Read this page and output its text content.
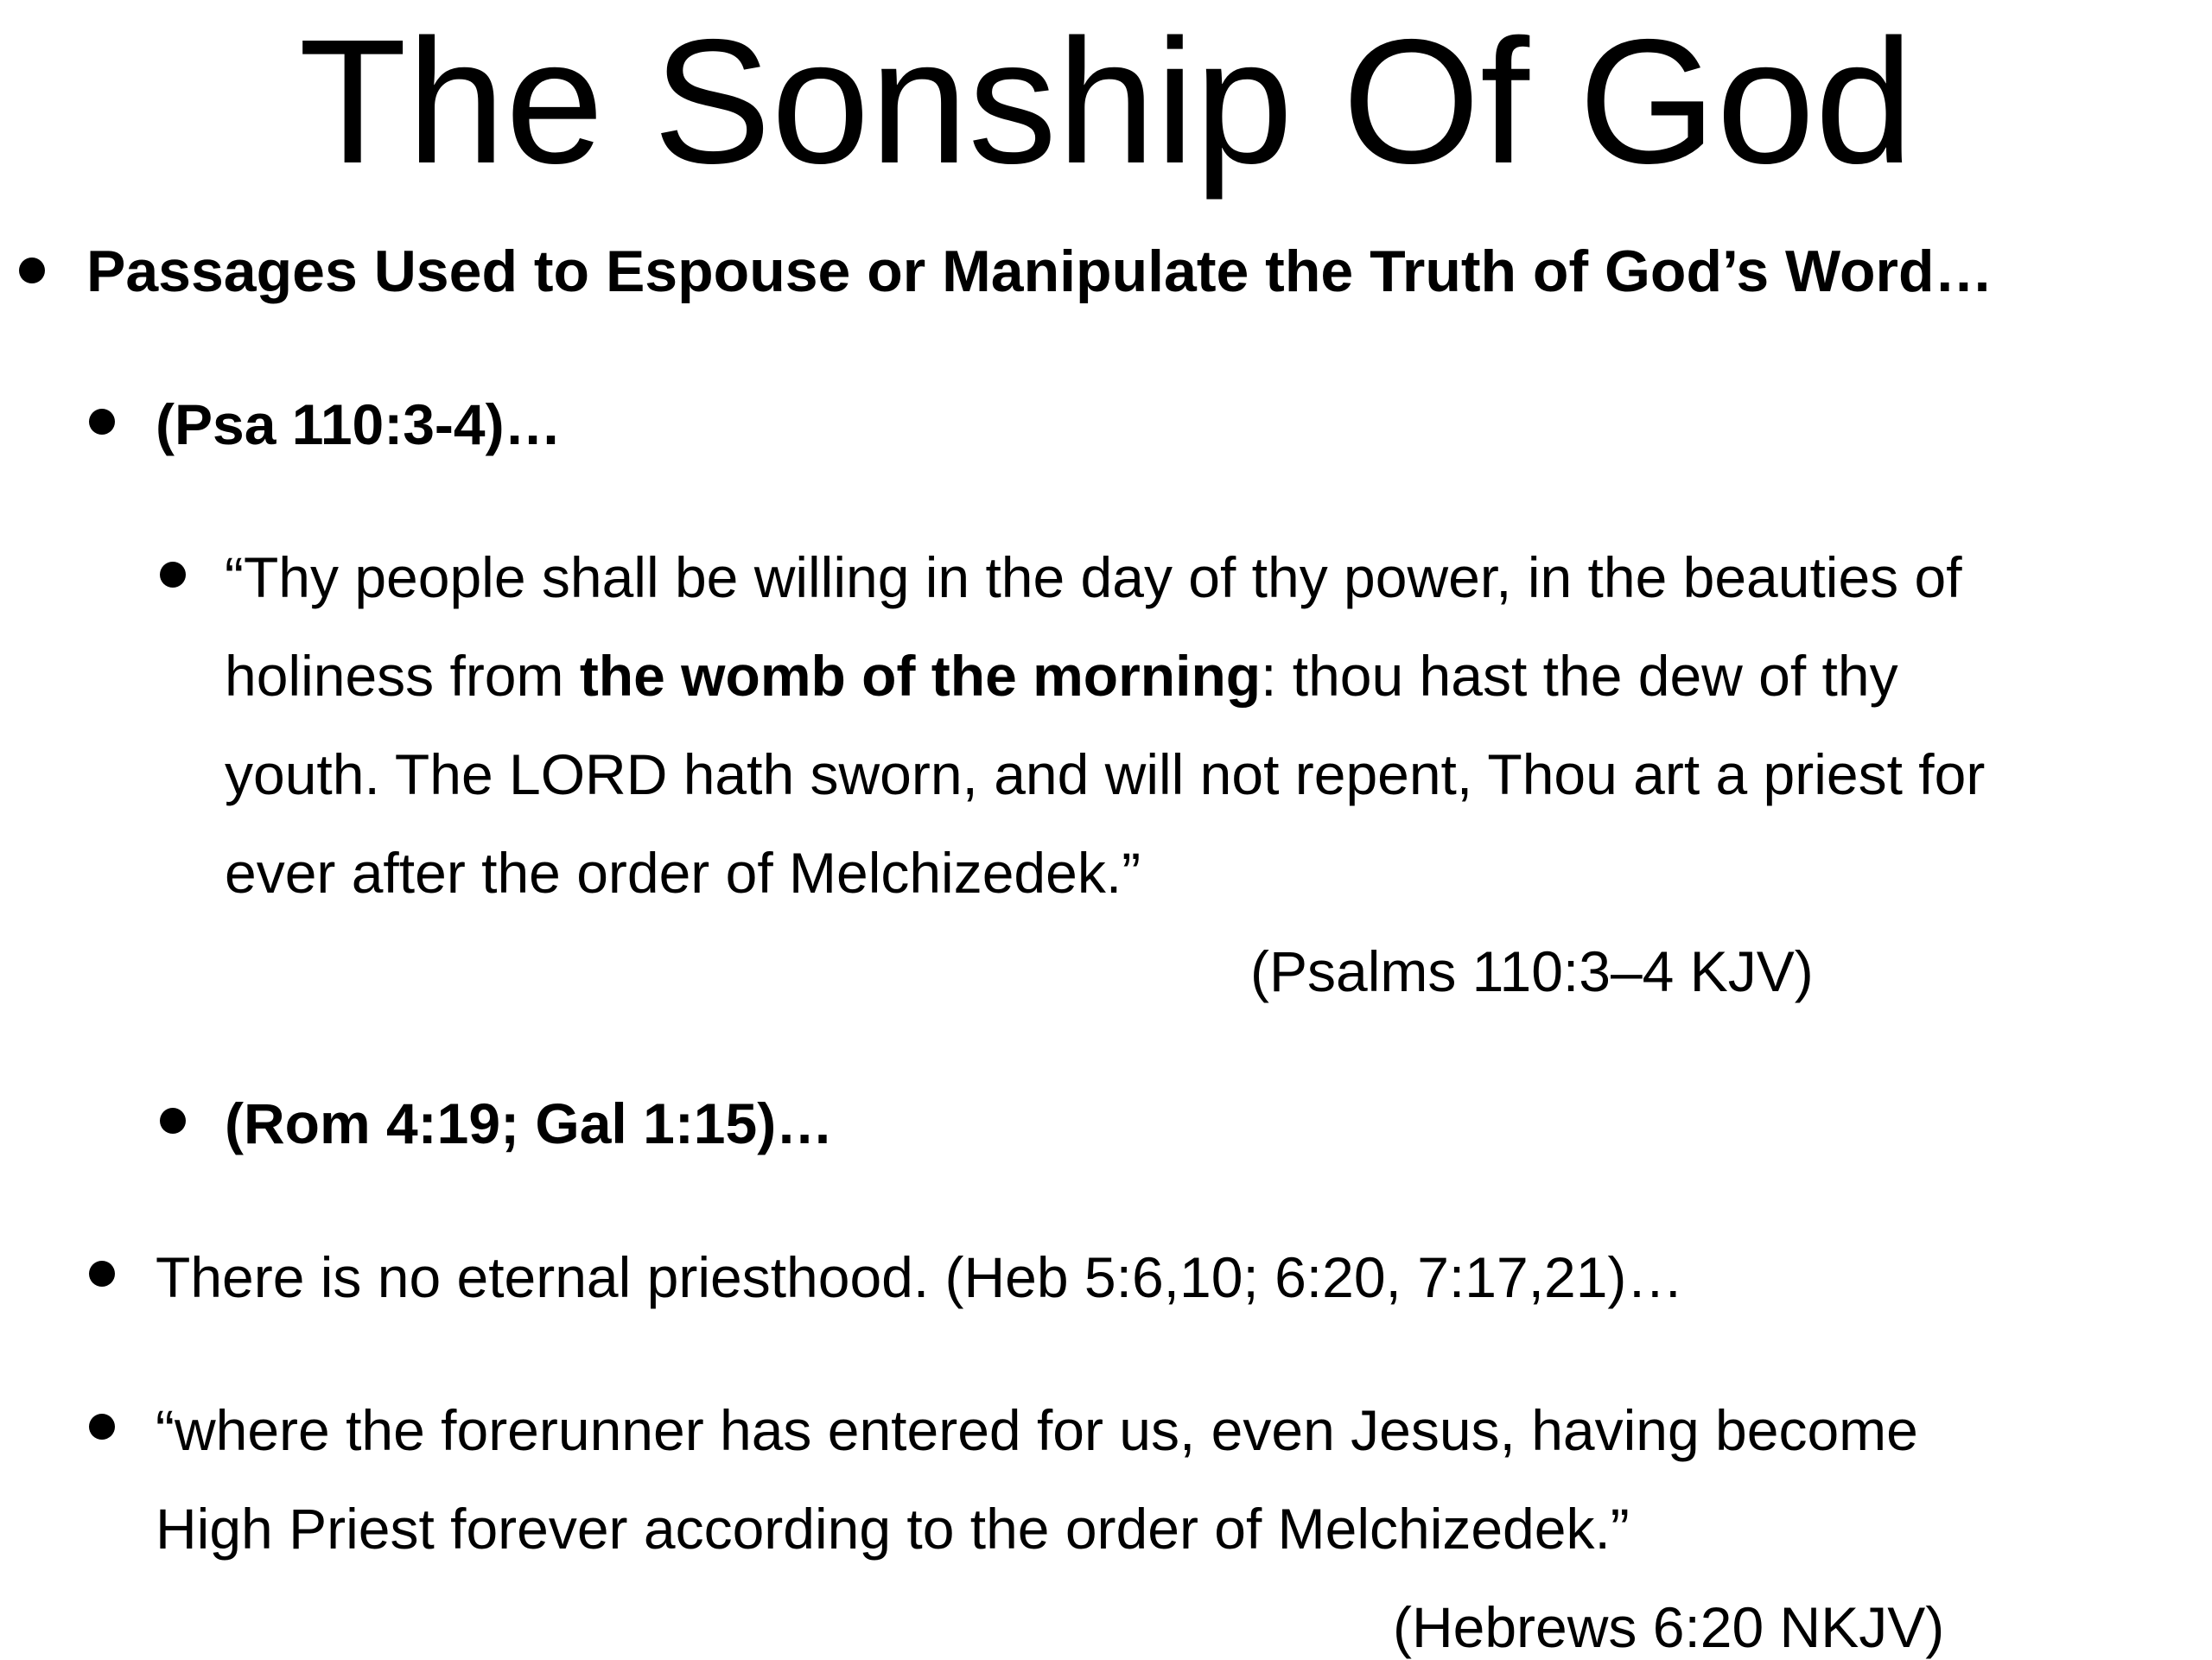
The Sonship Of God
Passages Used to Espouse or Manipulate the Truth of God’s Word…
(Psa 110:3-4)…
“Thy people shall be willing in the day of thy power, in the beauties of
holiness from the womb of the morning: thou hast the dew of thy
youth. The LORD hath sworn, and will not repent, Thou art a priest for
ever after the order of Melchizedek.”
(Psalms 110:3–4 KJV)
(Rom 4:19; Gal 1:15)…
There is no eternal priesthood. (Heb 5:6,10; 6:20, 7:17,21)…
“where the forerunner has entered for us, even Jesus, having become
High Priest forever according to the order of Melchizedek.”
(Hebrews 6:20 NKJV)
